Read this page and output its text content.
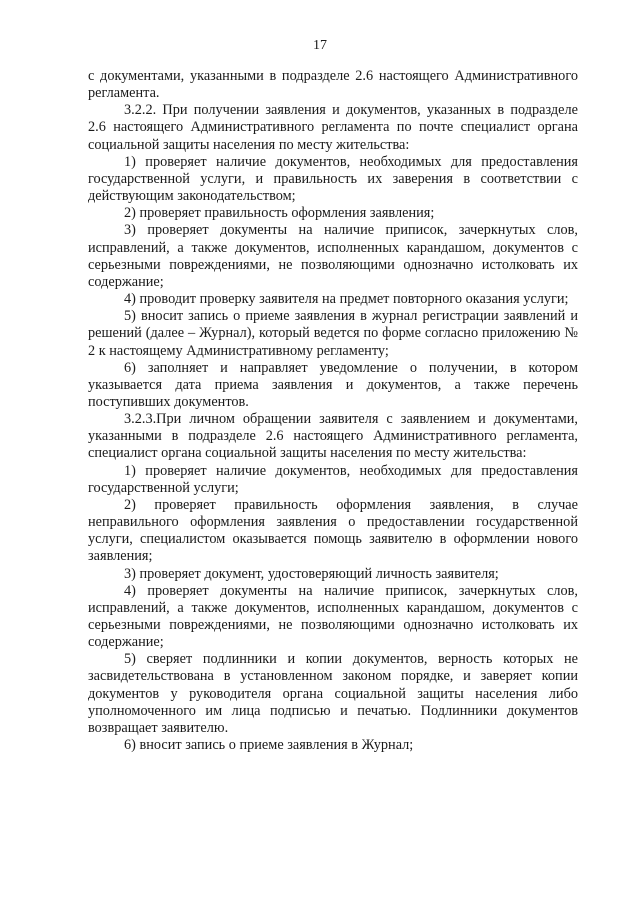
17

с документами, указанными в подразделе 2.6 настоящего Административного регламента.

3.2.2. При получении заявления и документов, указанных в подразделе 2.6 настоящего Административного регламента по почте специалист органа социальной защиты населения по месту жительства:

1) проверяет наличие документов, необходимых для предоставления государственной услуги, и правильность их заверения в соответствии с действующим законодательством;

2) проверяет правильность оформления заявления;

3) проверяет документы на наличие приписок, зачеркнутых слов, исправлений, а также документов, исполненных карандашом, документов с серьезными повреждениями, не позволяющими однозначно истолковать их содержание;

4) проводит проверку заявителя на предмет повторного оказания услуги;

5) вносит запись о приеме заявления в журнал регистрации заявлений и решений (далее – Журнал), который ведется по форме согласно приложению № 2 к настоящему Административному регламенту;

6) заполняет и направляет уведомление о получении, в котором указывается дата приема заявления и документов, а также перечень поступивших документов.

3.2.3.При личном обращении заявителя с заявлением и документами, указанными в подразделе 2.6 настоящего Административного регламента, специалист органа социальной защиты населения по месту жительства:

1) проверяет наличие документов, необходимых для предоставления государственной услуги;

2) проверяет правильность оформления заявления, в случае неправильного оформления заявления о предоставлении государственной услуги, специалистом оказывается помощь заявителю в оформлении нового заявления;

3) проверяет документ, удостоверяющий личность заявителя;

4) проверяет документы на наличие приписок, зачеркнутых слов, исправлений, а также документов, исполненных карандашом, документов с серьезными повреждениями, не позволяющими однозначно истолковать их содержание;

5) сверяет подлинники и копии документов, верность которых не засвидетельствована в установленном законом порядке, и заверяет копии документов у руководителя органа социальной защиты населения либо уполномоченного им лица подписью и печатью. Подлинники документов возвращает заявителю.

6) вносит запись о приеме заявления в Журнал;
